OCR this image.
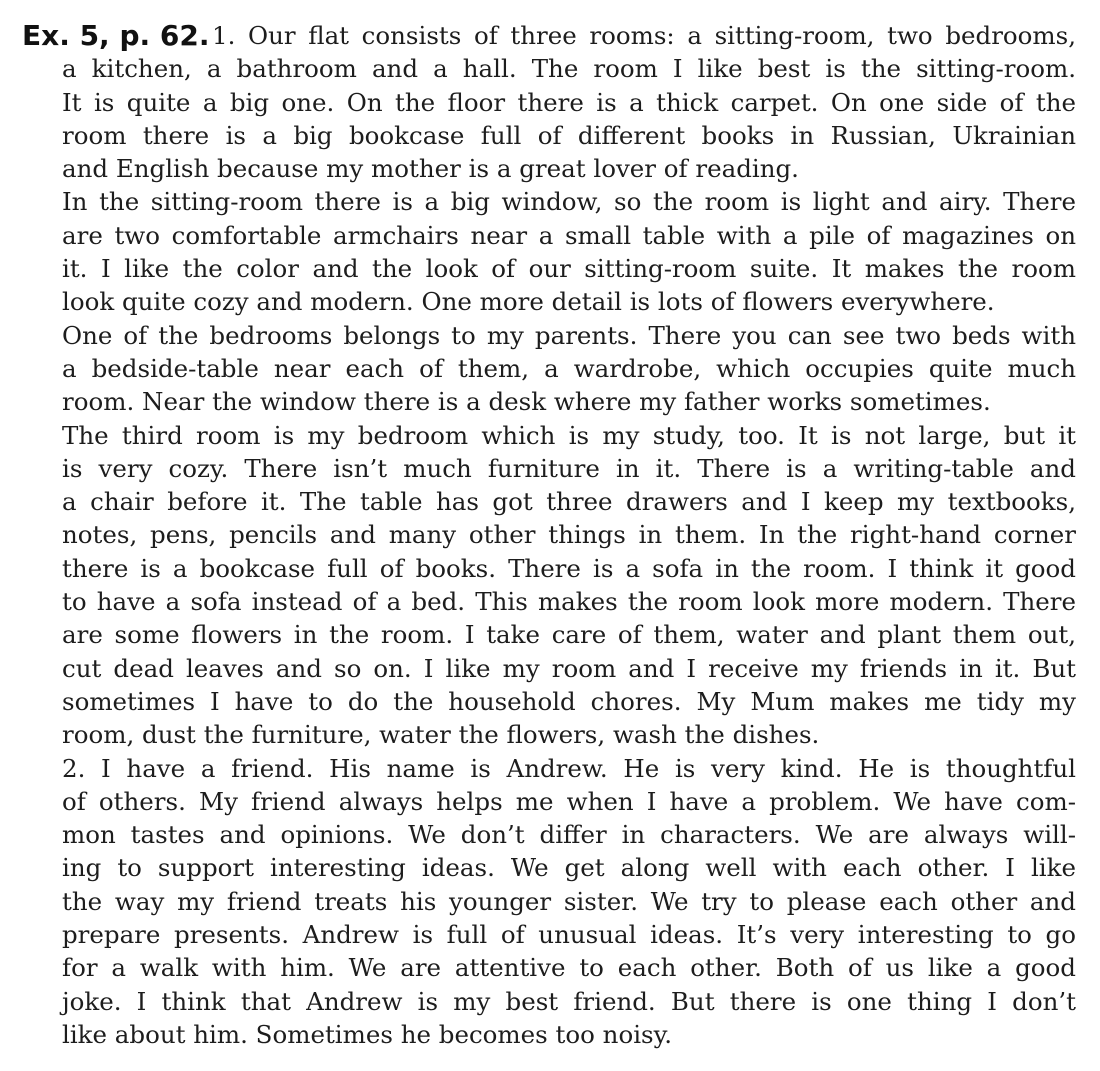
Ex. 5, p. 62. 1. Our flat consists of three rooms: a sitting-room, two bedrooms,
a kitchen, a bathroom and a hall. The room I like best is the sitting-room.
It is quite a big one. On the floor there is a thick carpet. On one side of the
room there is a big bookcase full of different books in Russian, Ukrainian
and English because my mother is a great lover of reading.
In the sitting-room there is a big window, so the room is light and airy. There
are two comfortable armchairs near a small table with a pile of magazines on
it. I like the color and the look of our sitting-room suite. It makes the room
look quite cozy and modern. One more detail is lots of flowers everywhere.
One of the bedrooms belongs to my parents. There you can see two beds with
a bedside-table near each of them, a wardrobe, which occupies quite much
room. Near the window there is a desk where my father works sometimes.
The third room is my bedroom which is my study, too. It is not large, but it
is very cozy. There isn’t much furniture in it. There is a writing-table and
a chair before it. The table has got three drawers and I keep my textbooks,
notes, pens, pencils and many other things in them. In the right-hand corner
there is a bookcase full of books. There is a sofa in the room. I think it good
to have a sofa instead of a bed. This makes the room look more modern. There
are some flowers in the room. I take care of them, water and plant them out,
cut dead leaves and so on. I like my room and I receive my friends in it. But
sometimes I have to do the household chores. My Mum makes me tidy my
room, dust the furniture, water the flowers, wash the dishes.
2. I have a friend. His name is Andrew. He is very kind. He is thoughtful
of others. My friend always helps me when I have a problem. We have com-
mon tastes and opinions. We don’t differ in characters. We are always will-
ing to support interesting ideas. We get along well with each other. I like
the way my friend treats his younger sister. We try to please each other and
prepare presents. Andrew is full of unusual ideas. It’s very interesting to go
for a walk with him. We are attentive to each other. Both of us like a good
joke. I think that Andrew is my best friend. But there is one thing I don’t
like about him. Sometimes he becomes too noisy.
